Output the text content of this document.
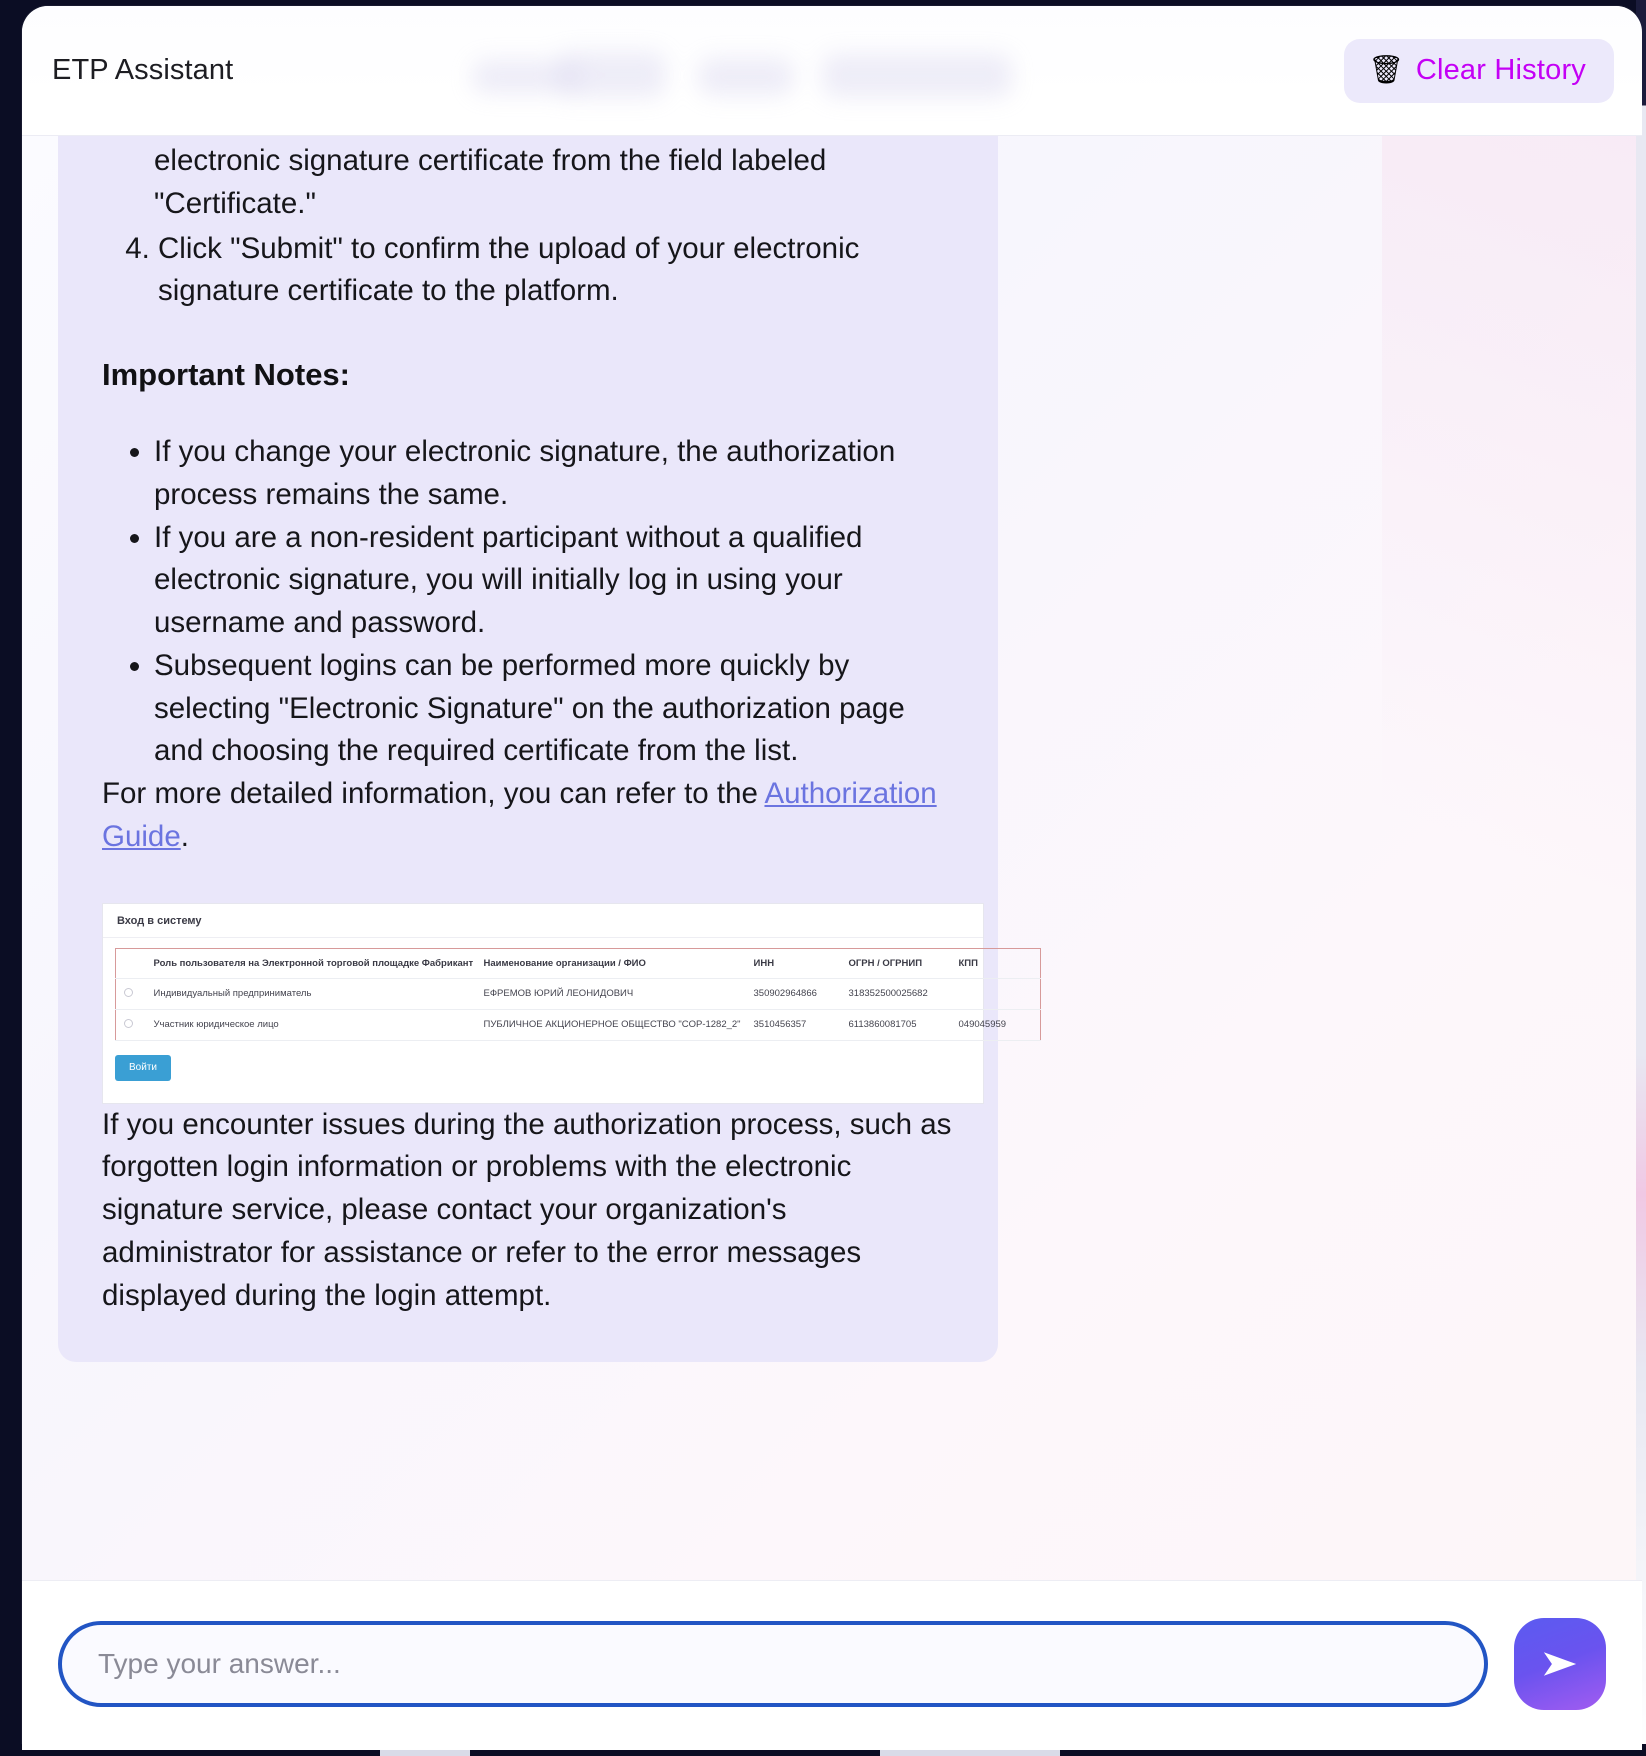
ETP Assistant	🗑 Clear History
electronic signature certificate from the field labeled "Certificate."
4. Click "Submit" to confirm the upload of your electronic signature certificate to the platform.
Important Notes:
• If you change your electronic signature, the authorization process remains the same.
• If you are a non-resident participant without a qualified electronic signature, you will initially log in using your username and password.
• Subsequent logins can be performed more quickly by selecting "Electronic Signature" on the authorization page and choosing the required certificate from the list.

For more detailed information, you can refer to the Authorization Guide.

Вход в систему
	Роль пользователя на Электронной торговой площадке Фабрикант	Наименование организации / ФИО	ИНН	ОГРН / ОГРНИП	КПП
	Индивидуальный предприниматель	ЕФРЕМОВ ЮРИЙ ЛЕОНИДОВИЧ	350902964866	318352500025682	
	Участник юридическое лицо	ПУБЛИЧНОЕ АКЦИОНЕРНОЕ ОБЩЕСТВО "COP-1282_2"	3510456357	6113860081705	049045959
Войти

If you encounter issues during the authorization process, such as forgotten login information or problems with the electronic signature service, please contact your organization's administrator for assistance or refer to the error messages displayed during the login attempt.

Type your answer...
